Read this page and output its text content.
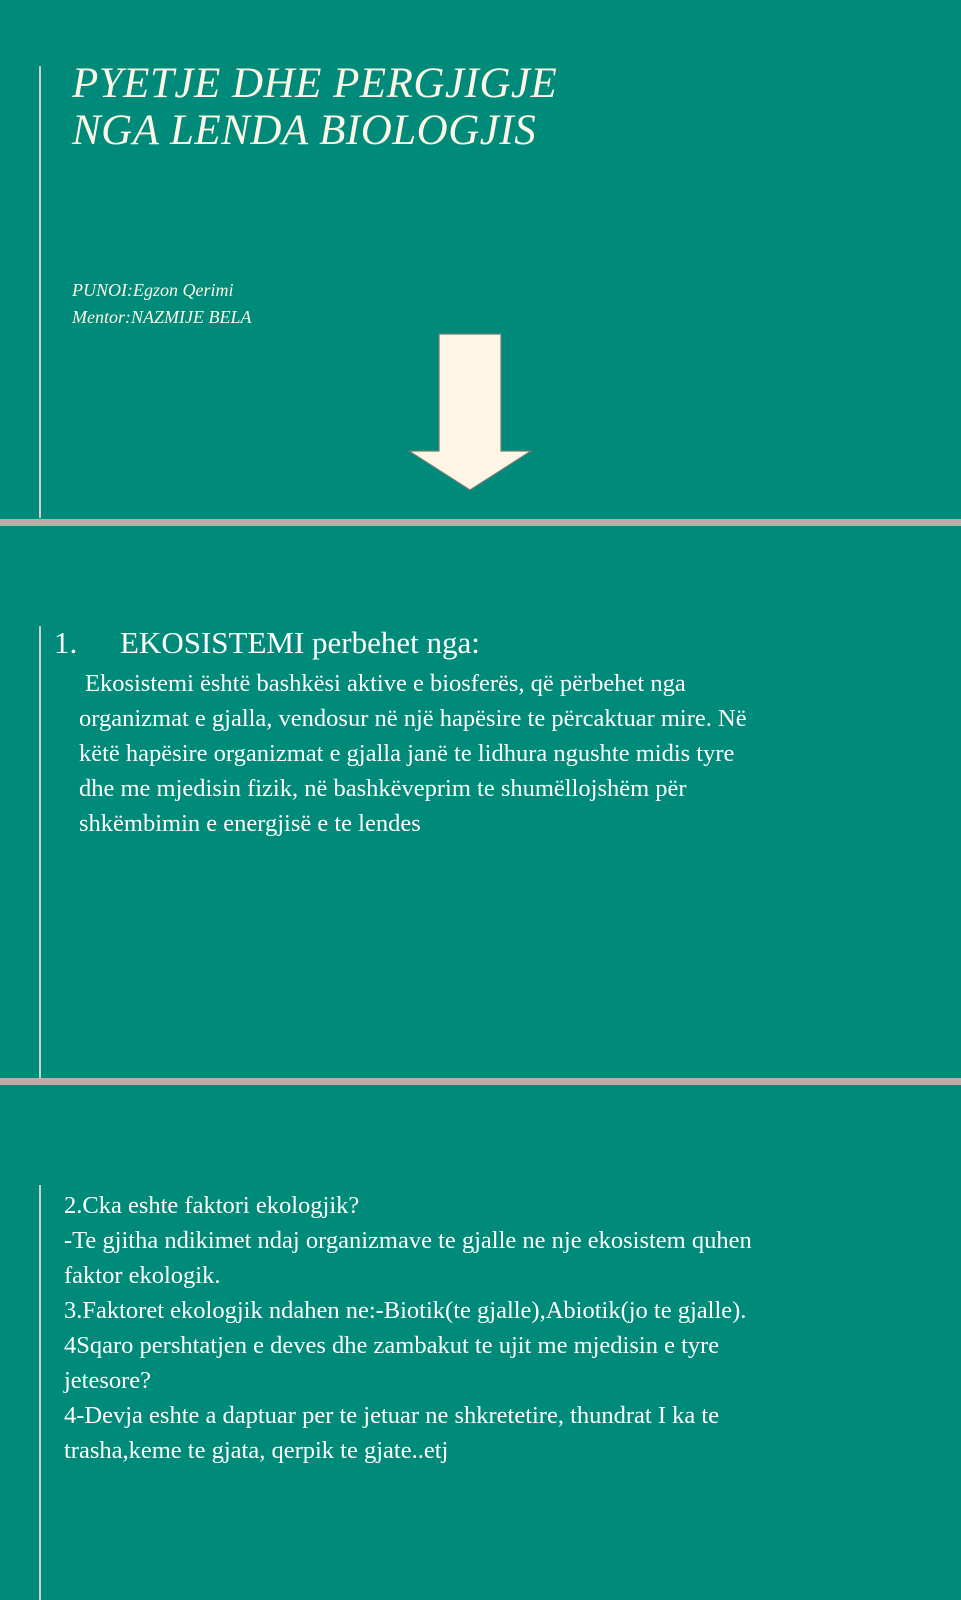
PYETJE DHE PERGJIGJE
NGA LENDA BIOLOGJIS
PUNOI:Egzon Qerimi
Mentor:NAZMIJE BELA
1. EKOSISTEMI perbehet nga:
Ekosistemi është bashkësi aktive e biosferës, që përbehet nga
organizmat e gjalla, vendosur në një hapësire te përcaktuar mire. Në
këtë hapësire organizmat e gjalla janë te lidhura ngushte midis tyre
dhe me mjedisin fizik, në bashkëveprim te shumëllojshëm për
shkëmbimin e energjisë e te lendes
2.Cka eshte faktori ekologjik?
-Te gjitha ndikimet ndaj organizmave te gjalle ne nje ekosistem quhen
faktor ekologik.
3.Faktoret ekologjik ndahen ne:-Biotik(te gjalle),Abiotik(jo te gjalle).
4Sqaro pershtatjen e deves dhe zambakut te ujit me mjedisin e tyre
jetesore?
4-Devja eshte a daptuar per te jetuar ne shkretetire, thundrat I ka te
trasha,keme te gjata, qerpik te gjate..etj
